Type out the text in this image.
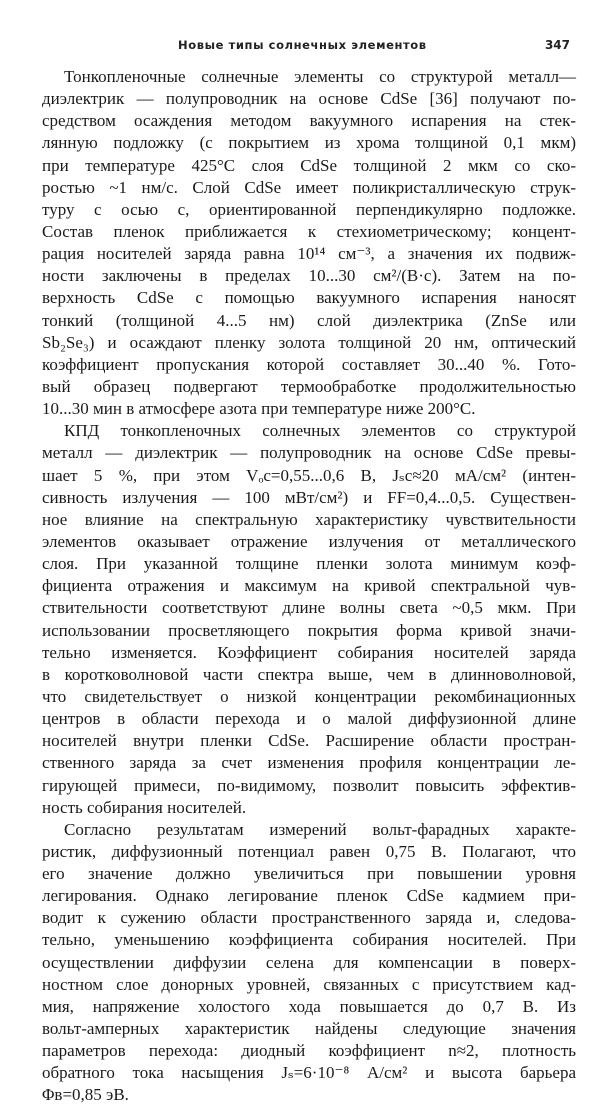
Новые типы солнечных элементов	347
Тонкопленочные солнечные элементы со структурой металл—
диэлектрик — полупроводник на основе CdSe [36] получают по-
средством осаждения методом вакуумного испарения на стек-
лянную подложку (с покрытием из хрома толщиной 0,1 мкм)
при температуре 425°С слоя CdSe толщиной 2 мкм со ско-
ростью ~1 нм/с. Слой CdSe имеет поликристаллическую струк-
туру с осью c, ориентированной перпендикулярно подложке.
Состав пленок приближается к стехиометрическому; концент-
рация носителей заряда равна 10¹⁴ см⁻³, а значения их подвиж-
ности заключены в пределах 10...30 см²/(В·с). Затем на по-
верхность CdSe с помощью вакуумного испарения наносят
тонкий (толщиной 4...5 нм) слой диэлектрика (ZnSe или
Sb₂Se₃) и осаждают пленку золота толщиной 20 нм, оптический
коэффициент пропускания которой составляет 30...40 %. Гото-
вый образец подвергают термообработке продолжительностью
10...30 мин в атмосфере азота при температуре ниже 200°С.
КПД тонкопленочных солнечных элементов со структурой
металл — диэлектрик — полупроводник на основе CdSe превы-
шает 5 %, при этом Vₒc=0,55...0,6 В, Jₛc≈20 мА/см² (интен-
сивность излучения — 100 мВт/см²) и FF=0,4...0,5. Существен-
ное влияние на спектральную характеристику чувствительности
элементов оказывает отражение излучения от металлического
слоя. При указанной толщине пленки золота минимум коэф-
фициента отражения и максимум на кривой спектральной чув-
ствительности соответствуют длине волны света ~0,5 мкм. При
использовании просветляющего покрытия форма кривой значи-
тельно изменяется. Коэффициент собирания носителей заряда
в коротковолновой части спектра выше, чем в длинноволновой,
что свидетельствует о низкой концентрации рекомбинационных
центров в области перехода и о малой диффузионной длине
носителей внутри пленки CdSe. Расширение области простран-
ственного заряда за счет изменения профиля концентрации ле-
гирующей примеси, по-видимому, позволит повысить эффектив-
ность собирания носителей.
Согласно результатам измерений вольт-фарадных характе-
ристик, диффузионный потенциал равен 0,75 В. Полагают, что
его значение должно увеличиться при повышении уровня
легирования. Однако легирование пленок CdSe кадмием при-
водит к сужению области пространственного заряда и, следова-
тельно, уменьшению коэффициента собирания носителей. При
осуществлении диффузии селена для компенсации в поверх-
ностном слое донорных уровней, связанных с присутствием кад-
мия, напряжение холостого хода повышается до 0,7 В. Из
вольт-амперных характеристик найдены следующие значения
параметров перехода: диодный коэффициент n≈2, плотность
обратного тока насыщения Jₛ=6·10⁻⁸ А/см² и высота барьера
Φв=0,85 эВ.
